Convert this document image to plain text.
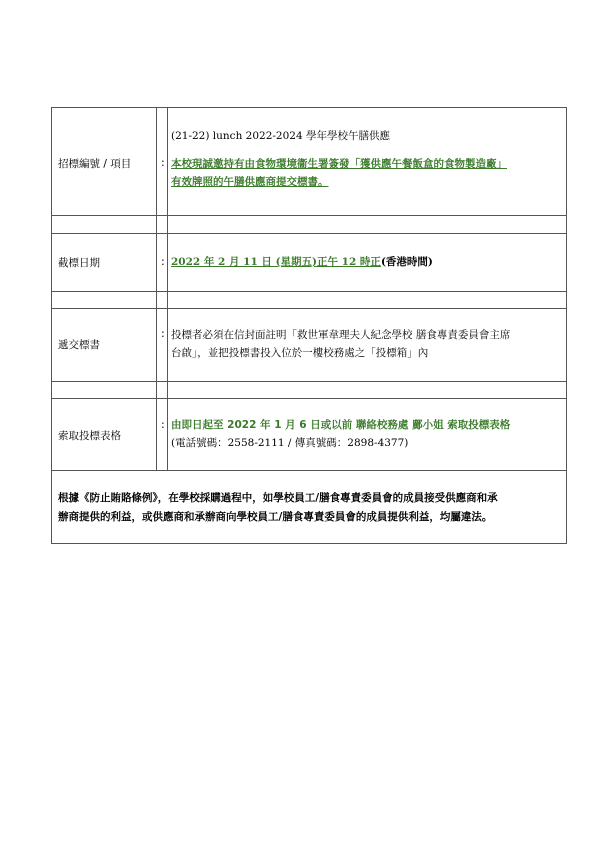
招標編號 / 項目	:
(21-22) lunch 2022-2024 學年學校午膳供應
本校現誠邀持有由食物環境衞生署簽發「獲供應午餐飯盒的食物製造廠」
有效牌照的午膳供應商提交標書。
截標日期	: 2022 年 2 月 11 日 (星期五)正午 12 時正(香港時間)
遞交標書
: 投標者必須在信封面註明「救世軍韋理夫人紀念學校 膳食專責委員會主席
台啟」，並把投標書投入位於一樓校務處之「投標箱」內
索取投標表格
: 由即日起至 2022 年 1 月 6 日或以前 聯絡校務處 鄺小姐 索取投標表格
(電話號碼：2558-2111 / 傳真號碼：2898-4377)
根據《防止賄賂條例》，在學校採購過程中，如學校員工/膳食專責委員會的成員接受供應商和承
辦商提供的利益，或供應商和承辦商向學校員工/膳食專責委員會的成員提供利益，均屬違法。
